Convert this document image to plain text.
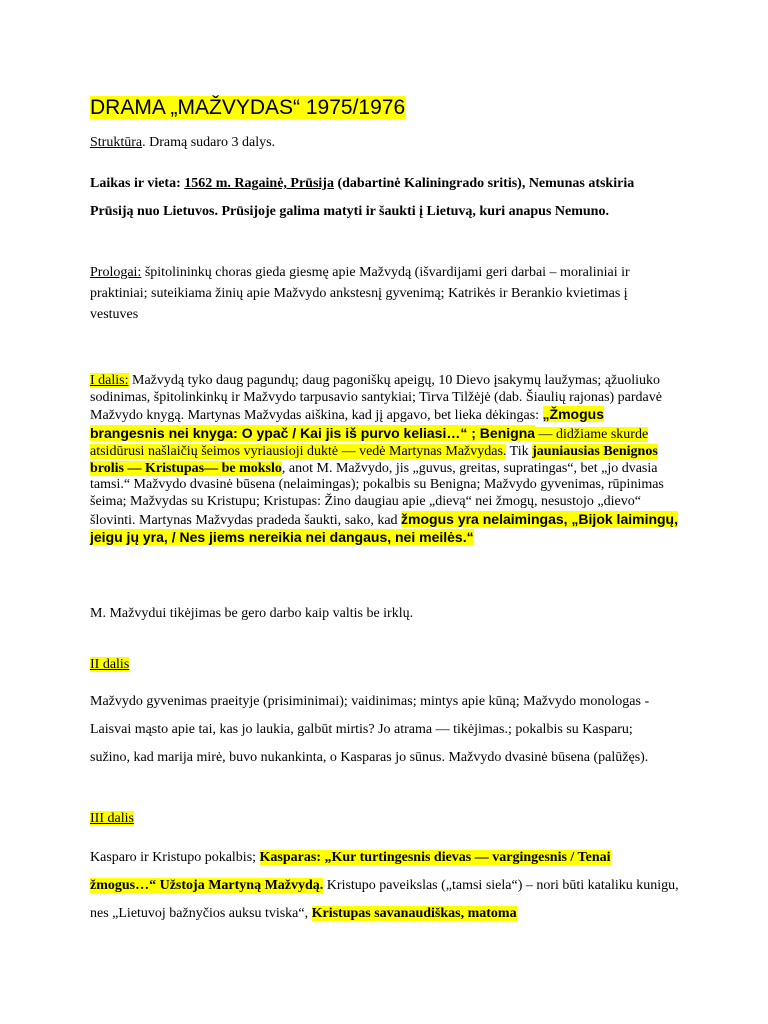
DRAMA „MAŽVYDAS“ 1975/1976
Struktūra. Dramą sudaro 3 dalys.
Laikas ir vieta: 1562 m. Ragainė, Prūsija (dabartinė Kaliningrado sritis), Nemunas atskiria Prūsiją nuo Lietuvos. Prūsijoje galima matyti ir šaukti į Lietuvą, kuri anapus Nemuno.
Prologai: špitolininkų choras gieda giesmę apie Mažvydą (išvardijami geri darbai – moraliniai ir praktiniai; suteikiama žinių apie Mažvydo ankstesnį gyvenimą; Katrikės ir Berankio kvietimas į vestuves
I dalis: Mažvydą tyko daug pagundų; daug pagoniškų apeigų, 10 Dievo įsakymų laužymas; ąžuoliuko sodinimas, špitolinkinkų ir Mažvydo tarpusavio santykiai; Tirva Tilžėjė (dab. Šiaulių rajonas) pardavė Mažvydo knygą. Martynas Mažvydas aiškina, kad jį apgavo, bet lieka dėkingas: „Žmogus brangesnis nei knyga: O ypač / Kai jis iš purvo keliasi…“ ; Benigna — didžiame skurde atsidūrusi našlaičių šeimos vyriausioji duktė — vedė Martynas Mažvydas. Tik jauniausias Benignos brolis — Kristupas— be mokslo, anot M. Mažvydo, jis „guvus, greitas, supratingas“, bet „jo dvasia tamsi.“ Mažvydo dvasinė būsena (nelaimingas); pokalbis su Benigna; Mažvydo gyvenimas, rūpinimas šeima; Mažvydas su Kristupu; Kristupas: Žino daugiau apie „dievą“ nei žmogų, nesustojo „dievo“ šlovinti. Martynas Mažvydas pradeda šaukti, sako, kad žmogus yra nelaimingas, „Bijok laimingų, jeigu jų yra, / Nes jiems nereikia nei dangaus, nei meilės.“
M. Mažvydui tikėjimas be gero darbo kaip valtis be irklų.
II dalis
Mažvydo gyvenimas praeityje (prisiminimai); vaidinimas; mintys apie kūną; Mažvydo monologas - Laisvai mąsto apie tai, kas jo laukia, galbūt mirtis? Jo atrama — tikėjimas.; pokalbis su Kasparu; sužino, kad marija mirė, buvo nukankinta, o Kasparas jo sūnus. Mažvydo dvasinė būsena (palūžęs).
III dalis
Kasparo ir Kristupo pokalbis; Kasparas: „Kur turtingesnis dievas — vargingesnis / Tenai žmogus…“ Užstoja Martyną Mažvydą. Kristupo paveikslas („tamsi siela“) – nori būti kataliku kunigu, nes „Lietuvoj bažnyčios auksu tviska“, Kristupas savanaudiškas, matoma
